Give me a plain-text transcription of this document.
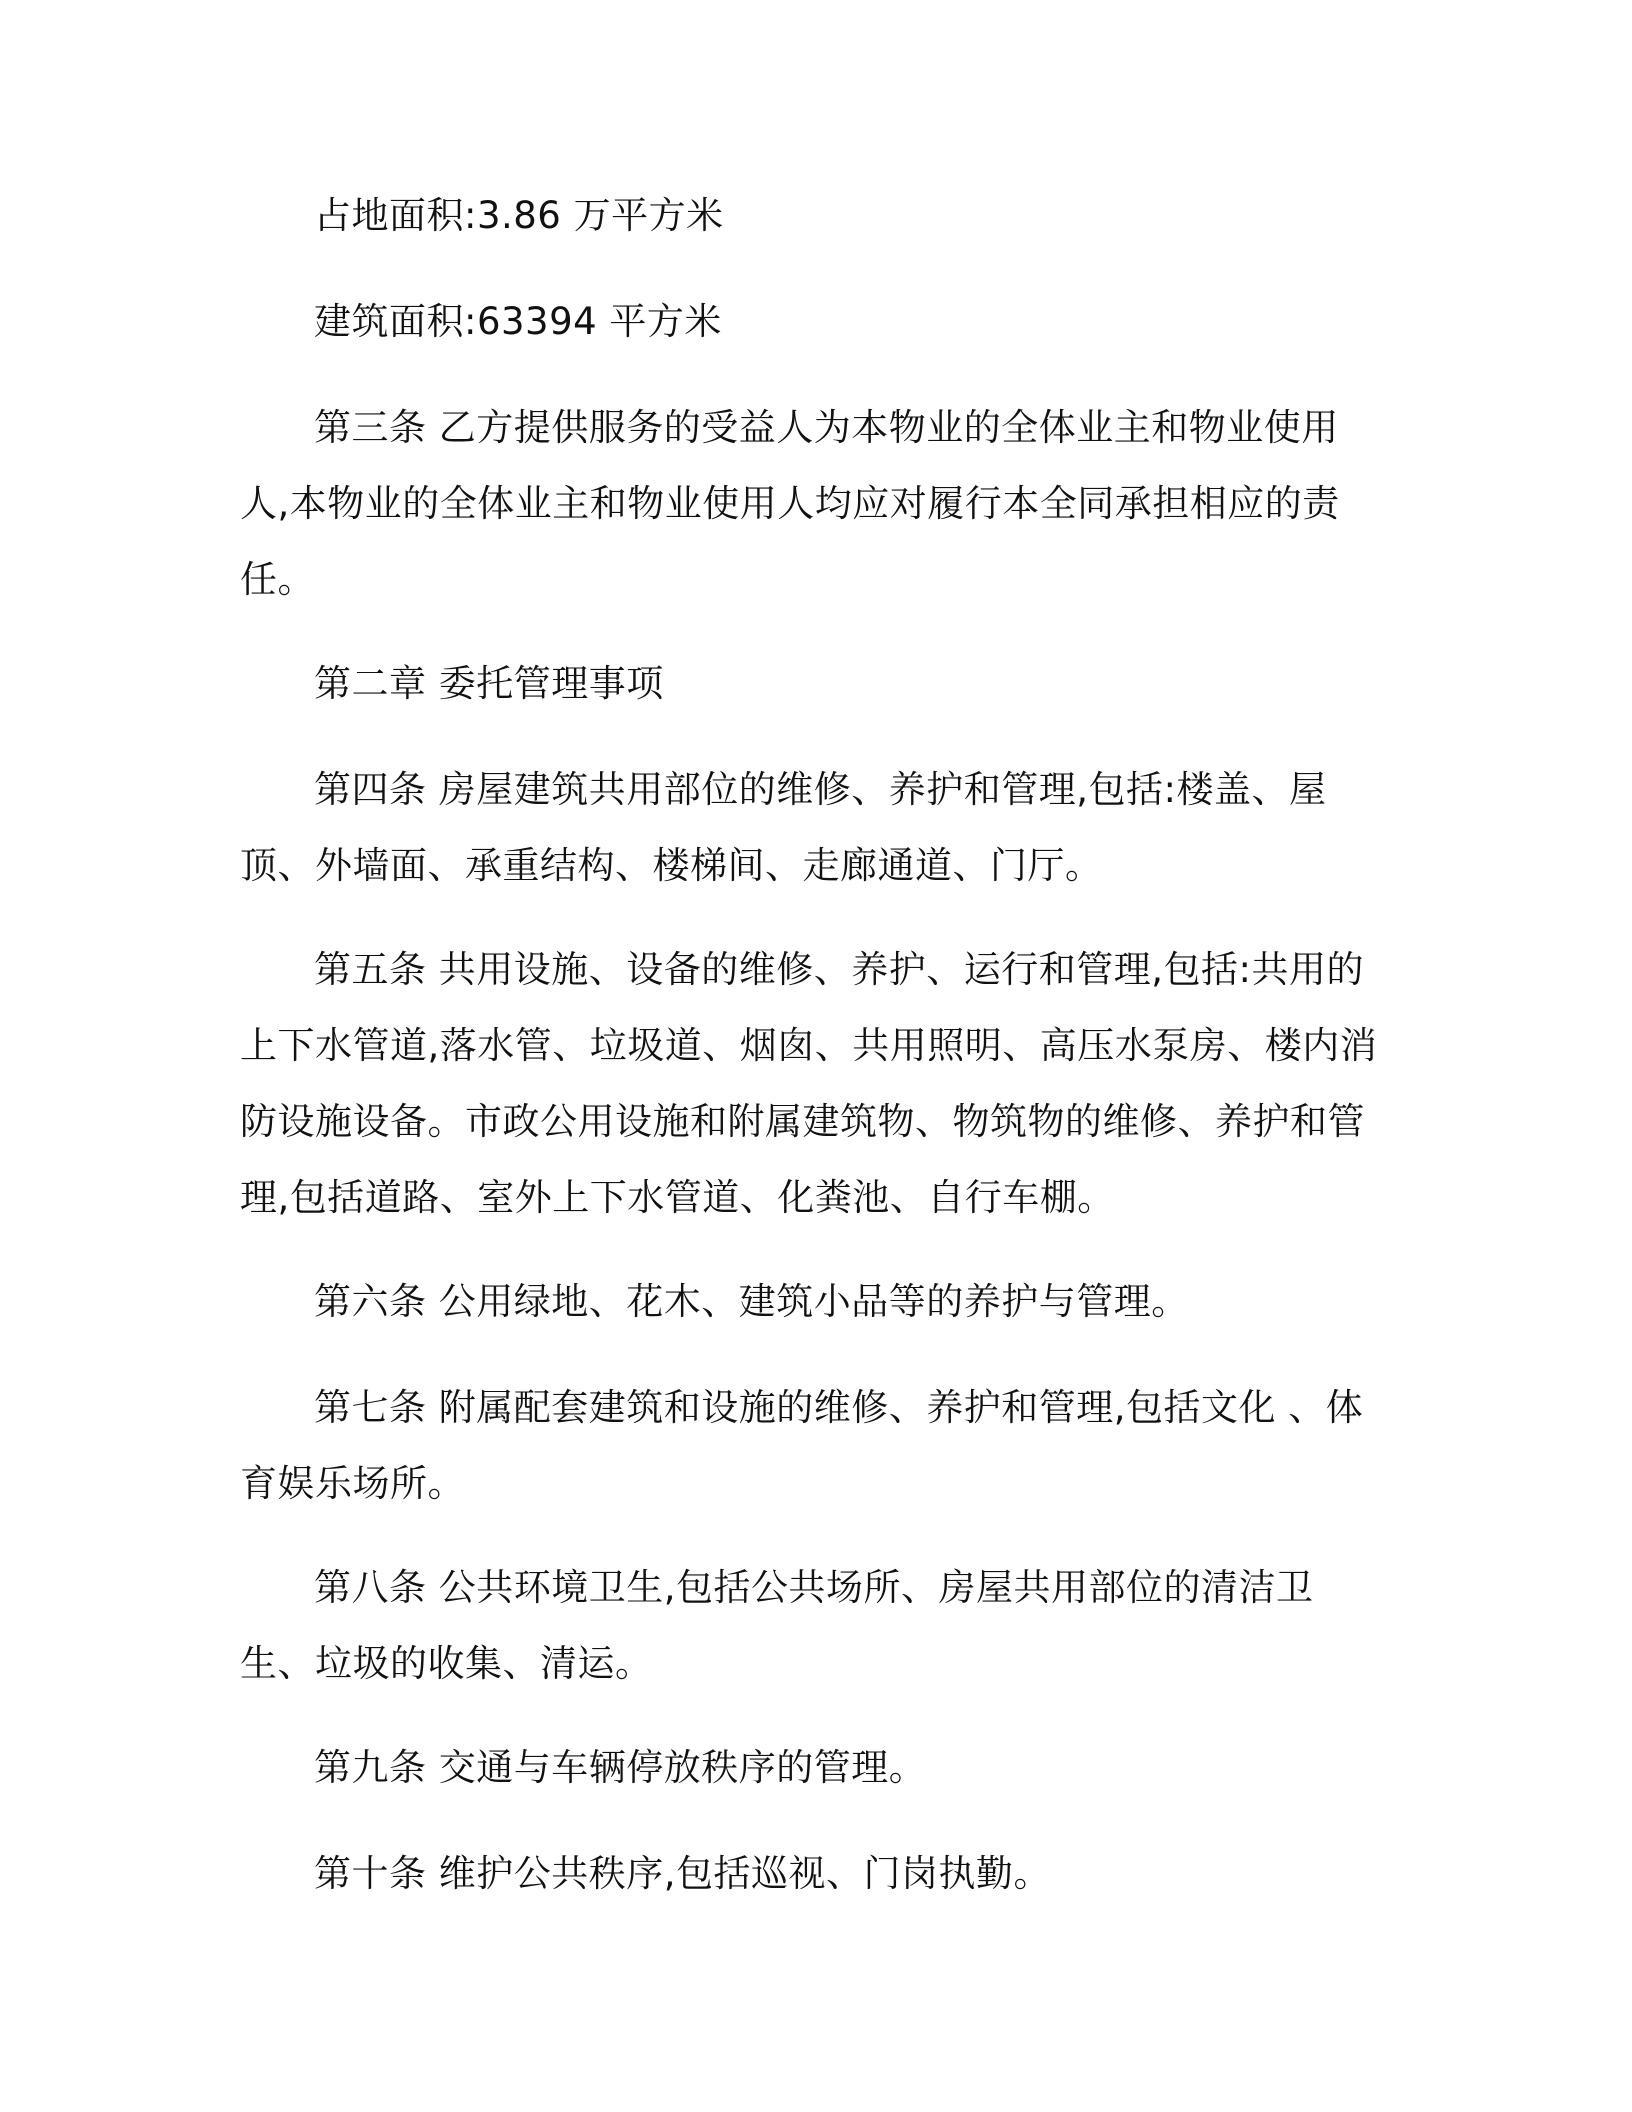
占地面积:3.86 万平方米

建筑面积:63394 平方米

第三条 乙方提供服务的受益人为本物业的全体业主和物业使用人,本物业的全体业主和物业使用人均应对履行本全同承担相应的责任。

第二章 委托管理事项

第四条 房屋建筑共用部位的维修、养护和管理,包括:楼盖、屋顶、外墙面、承重结构、楼梯间、走廊通道、门厅。

第五条 共用设施、设备的维修、养护、运行和管理,包括:共用的上下水管道,落水管、垃圾道、烟囱、共用照明、高压水泵房、楼内消防设施设备。市政公用设施和附属建筑物、物筑物的维修、养护和管理,包括道路、室外上下水管道、化粪池、自行车棚。

第六条 公用绿地、花木、建筑小品等的养护与管理。

第七条 附属配套建筑和设施的维修、养护和管理,包括文化 、体育娱乐场所。

第八条 公共环境卫生,包括公共场所、房屋共用部位的清洁卫生、垃圾的收集、清运。

第九条 交通与车辆停放秩序的管理。

第十条 维护公共秩序,包括巡视、门岗执勤。
